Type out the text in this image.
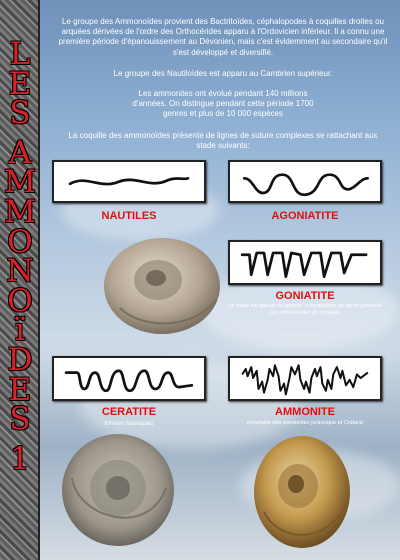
L
E
S
A
M
M
O
N
O
ï
D
E
S
1

Le groupe des Ammonoïdes provient des Bactritoïdes, céphalopodes à coquilles droites ou arquées dérivées de l'ordre des Orthocérides apparu à l'Ordovicien inférieur. Il a connu une première période d'épanouissement au Dévonien, mais c'est évidemment au secondaire qu'il s'est développé et diversifié.

Le groupe des Nautiloïdes est apparu au Cambrien supérieur.

Les ammonites ont évolué pendant 140 millions d'années. On distingue pendant cette période 1700 genres et plus de 10 000 espèces

La coquille des ammonoïdes présente de lignes de suture complexes se rattachant aux stade suivants:

NAUTILES	AGONIATITE
GONIATITE
ce stade est apparu le premier, il caractérise de façon générale les ammonoïdes du primaire
CERATITE
formes triasiques
AMMONITE
ensemble des ammonites jurassique et Crétacé
